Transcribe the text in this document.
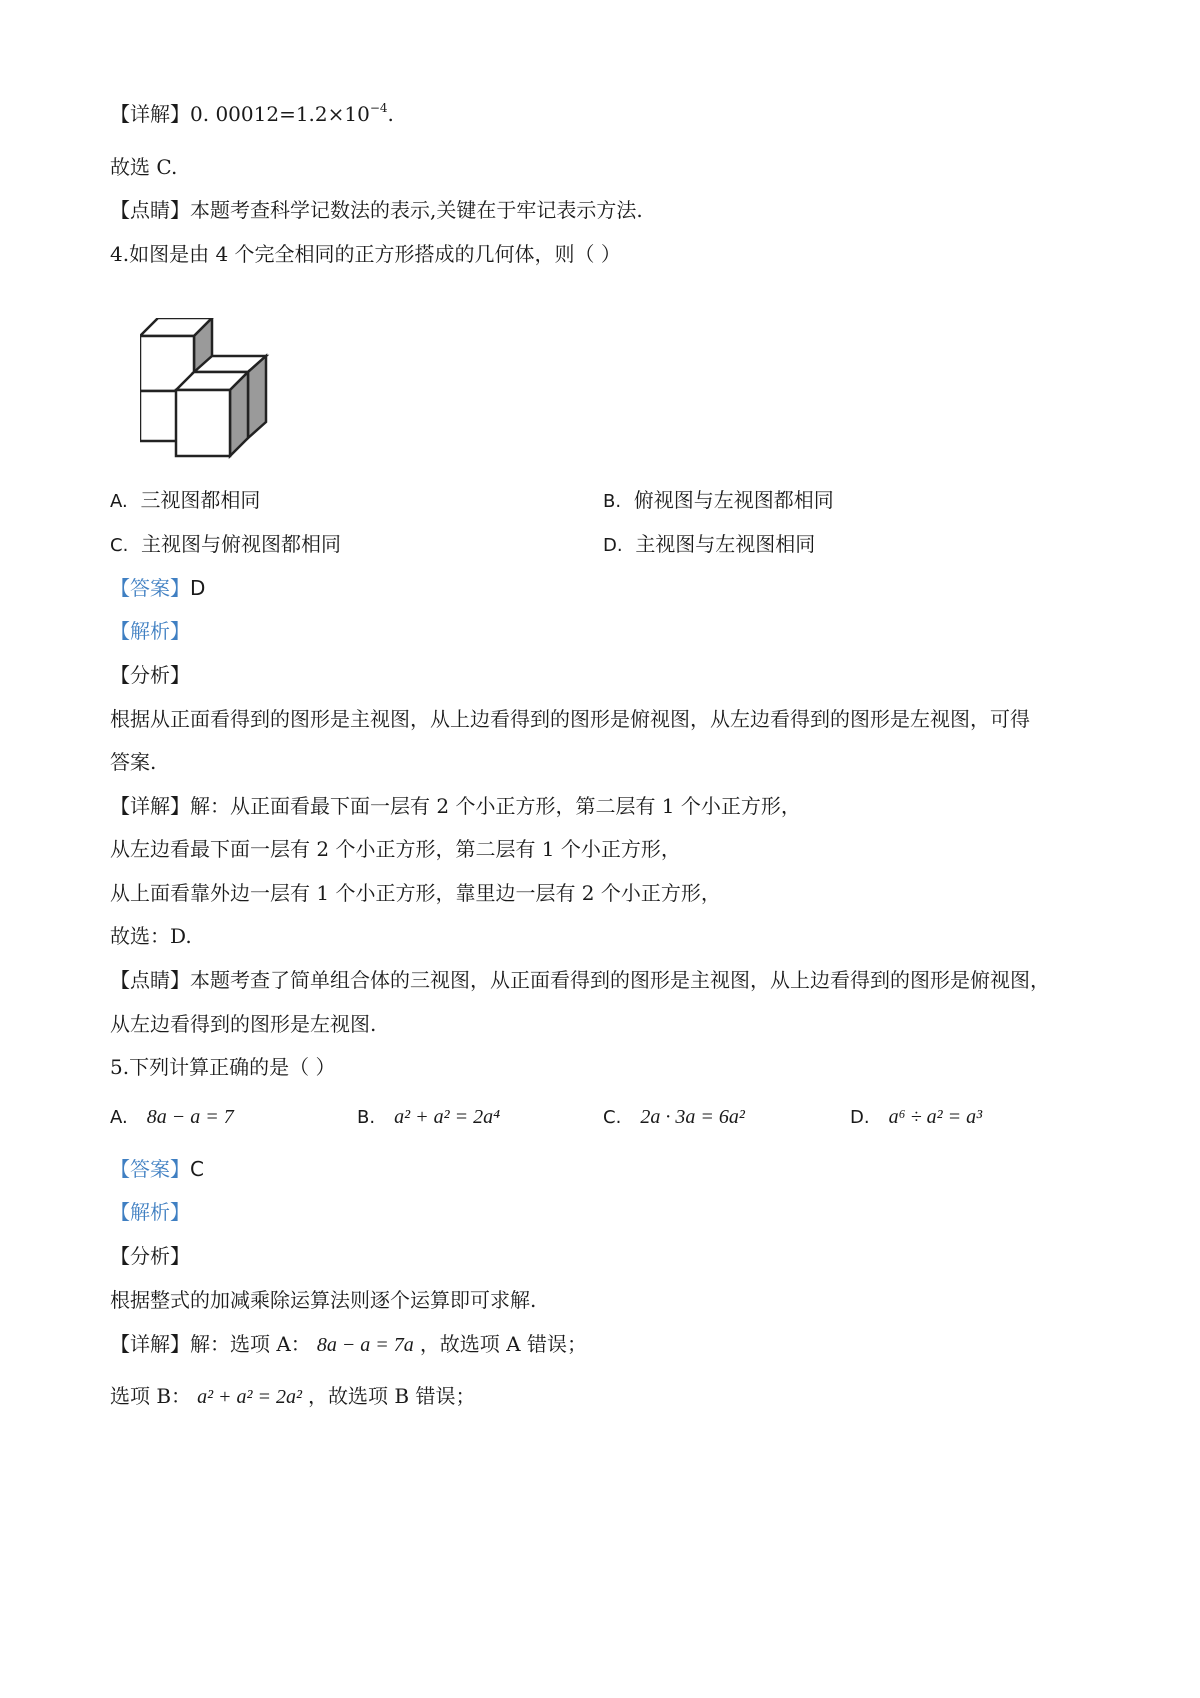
【详解】0. $00012=1.2\times 10^{-4}$.
故选 C.
【点睛】本题考查科学记数法的表示,关键在于牢记表示方法.
4.如图是由 4 个完全相同的正方形搭成的几何体，则（ ）
A. 三视图都相同	B. 俯视图与左视图都相同
C. 主视图与俯视图都相同	D. 主视图与左视图相同
【答案】D
【解析】
【分析】
根据从正面看得到的图形是主视图，从上边看得到的图形是俯视图，从左边看得到的图形是左视图，可得
答案.
【详解】解：从正面看最下面一层有 2 个小正方形，第二层有 1 个小正方形，
从左边看最下面一层有 2 个小正方形，第二层有 1 个小正方形，
从上面看靠外边一层有 1 个小正方形，靠里边一层有 2 个小正方形，
故选：D.
【点睛】本题考查了简单组合体的三视图，从正面看得到的图形是主视图，从上边看得到的图形是俯视图，
从左边看得到的图形是左视图.
5.下列计算正确的是（ ）
A. 8a − a = 7	B. a² + a² = 2a⁴	C. 2a · 3a = 6a²	D. a⁶ ÷ a² = a³
【答案】C
【解析】
【分析】
根据整式的加减乘除运算法则逐个运算即可求解.
【详解】解：选项 A： 8a − a = 7a ，故选项 A 错误；
选项 B： a² + a² = 2a² ，故选项 B 错误；
